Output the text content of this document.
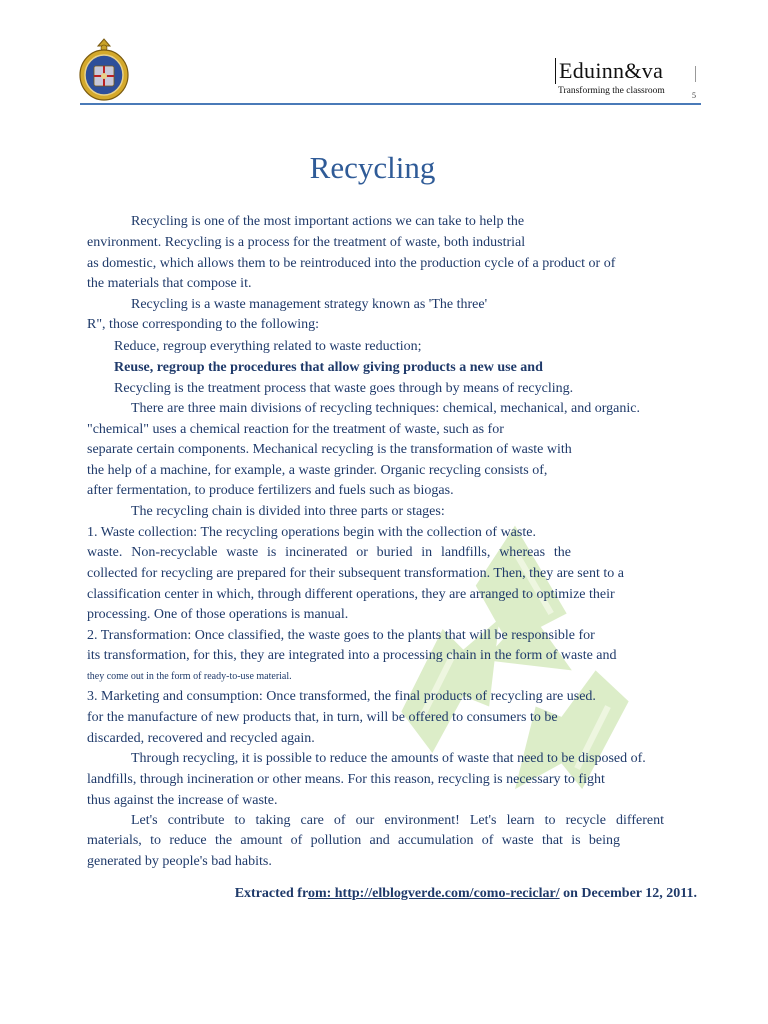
Eduinn&va
Transforming the classroom	5
Recycling
Recycling is one of the most important actions we can take to help the
environment. Recycling is a process for the treatment of waste, both industrial
as domestic, which allows them to be reintroduced into the production cycle of a product or of
the materials that compose it.
Recycling is a waste management strategy known as 'The three'
R", those corresponding to the following:
Reduce, regroup everything related to waste reduction;
Reuse, regroup the procedures that allow giving products a new use and
Recycling is the treatment process that waste goes through by means of recycling.
There are three main divisions of recycling techniques: chemical, mechanical, and organic.
"chemical" uses a chemical reaction for the treatment of waste, such as for
separate certain components. Mechanical recycling is the transformation of waste with
the help of a machine, for example, a waste grinder. Organic recycling consists of,
after fermentation, to produce fertilizers and fuels such as biogas.
The recycling chain is divided into three parts or stages:
1. Waste collection: The recycling operations begin with the collection of waste.
waste. Non-recyclable waste is incinerated or buried in landfills, whereas the
collected for recycling are prepared for their subsequent transformation. Then, they are sent to a
classification center in which, through different operations, they are arranged to optimize their
processing. One of those operations is manual.
2. Transformation: Once classified, the waste goes to the plants that will be responsible for
its transformation, for this, they are integrated into a processing chain in the form of waste and
they come out in the form of ready-to-use material.
3. Marketing and consumption: Once transformed, the final products of recycling are used.
for the manufacture of new products that, in turn, will be offered to consumers to be
discarded, recovered and recycled again.
Through recycling, it is possible to reduce the amounts of waste that need to be disposed of.
landfills, through incineration or other means. For this reason, recycling is necessary to fight
thus against the increase of waste.
Let's contribute to taking care of our environment! Let's learn to recycle different
materials, to reduce the amount of pollution and accumulation of waste that is being
generated by people's bad habits.
Extracted from: http://elblogverde.com/como-reciclar/ on December 12, 2011.
